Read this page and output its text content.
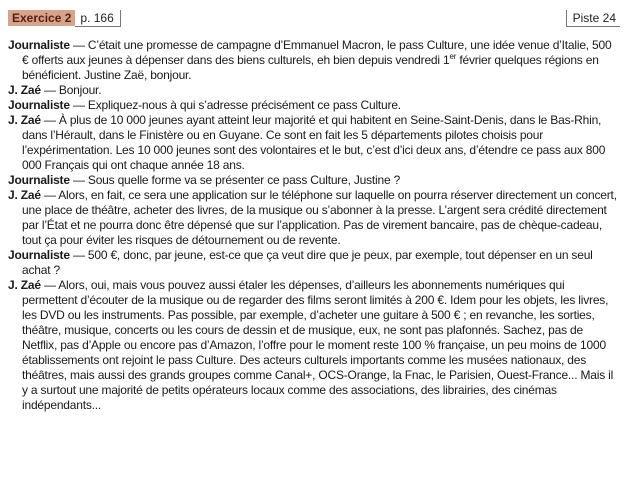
Exercice 2 p. 166	Piste 24

Journaliste — C’était une promesse de campagne d’Emmanuel Macron, le pass Culture, une idée venue d’Italie, 500 € offerts aux jeunes à dépenser dans des biens culturels, eh bien depuis vendredi 1er février quelques régions en bénéficient. Justine Zaë, bonjour.

J. Zaé — Bonjour.

Journaliste — Expliquez-nous à qui s’adresse précisément ce pass Culture.

J. Zaé — À plus de 10 000 jeunes ayant atteint leur majorité et qui habitent en Seine-Saint-Denis, dans le Bas-Rhin, dans l’Hérault, dans le Finistère ou en Guyane. Ce sont en fait les 5 départements pilotes choisis pour l’expérimentation. Les 10 000 jeunes sont des volontaires et le but, c’est d’ici deux ans, d’étendre ce pass aux 800 000 Français qui ont chaque année 18 ans.

Journaliste — Sous quelle forme va se présenter ce pass Culture, Justine ?

J. Zaé — Alors, en fait, ce sera une application sur le téléphone sur laquelle on pourra réserver directement un concert, une place de théâtre, acheter des livres, de la musique ou s’abonner à la presse. L’argent sera crédité directement par l’État et ne pourra donc être dépensé que sur l’application. Pas de virement bancaire, pas de chèque-cadeau, tout ça pour éviter les risques de détournement ou de revente.

Journaliste — 500 €, donc, par jeune, est-ce que ça veut dire que je peux, par exemple, tout dépenser en un seul achat ?

J. Zaé — Alors, oui, mais vous pouvez aussi étaler les dépenses, d’ailleurs les abonnements numériques qui permettent d’écouter de la musique ou de regarder des films seront limités à 200 €. Idem pour les objets, les livres, les DVD ou les instruments. Pas possible, par exemple, d’acheter une guitare à 500 € ; en revanche, les sorties, théâtre, musique, concerts ou les cours de dessin et de musique, eux, ne sont pas plafonnés. Sachez, pas de Netflix, pas d’Apple ou encore pas d’Amazon, l’offre pour le moment reste 100 % française, un peu moins de 1000 établissements ont rejoint le pass Culture. Des acteurs culturels importants comme les musées nationaux, des théâtres, mais aussi des grands groupes comme Canal+, OCS-Orange, la Fnac, le Parisien, Ouest-France... Mais il y a surtout une majorité de petits opérateurs locaux comme des associations, des librairies, des cinémas indépendants...
